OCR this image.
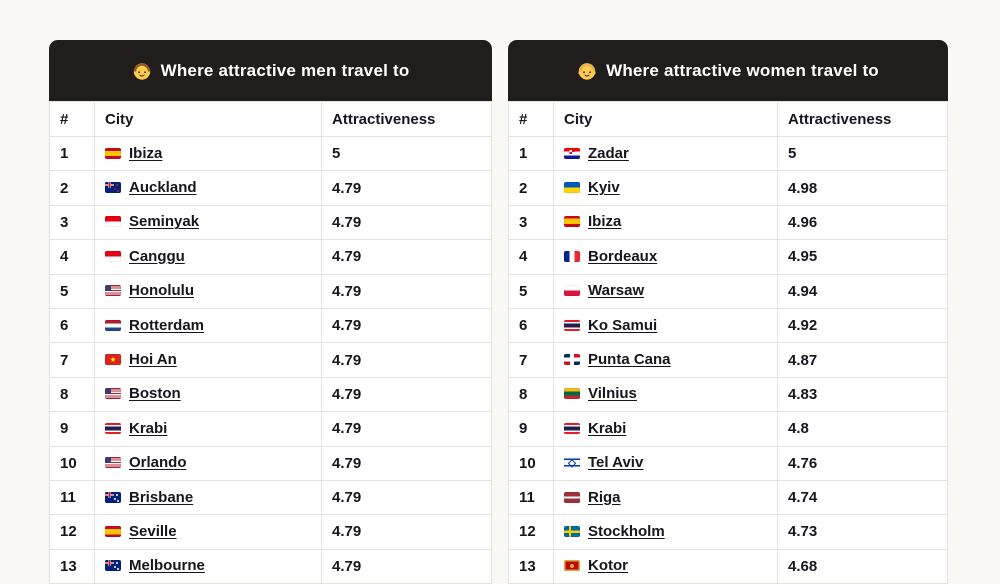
Where attractive men travel to
#	City	Attractiveness
1	Ibiza	5
2	Auckland	4.79
3	Seminyak	4.79
4	Canggu	4.79
5	Honolulu	4.79
6	Rotterdam	4.79
7	Hoi An	4.79
8	Boston	4.79
9	Krabi	4.79
10	Orlando	4.79
11	Brisbane	4.79
12	Seville	4.79
13	Melbourne	4.79
Where attractive women travel to
#	City	Attractiveness
1	Zadar	5
2	Kyiv	4.98
3	Ibiza	4.96
4	Bordeaux	4.95
5	Warsaw	4.94
6	Ko Samui	4.92
7	Punta Cana	4.87
8	Vilnius	4.83
9	Krabi	4.8
10	Tel Aviv	4.76
11	Riga	4.74
12	Stockholm	4.73
13	Kotor	4.68
